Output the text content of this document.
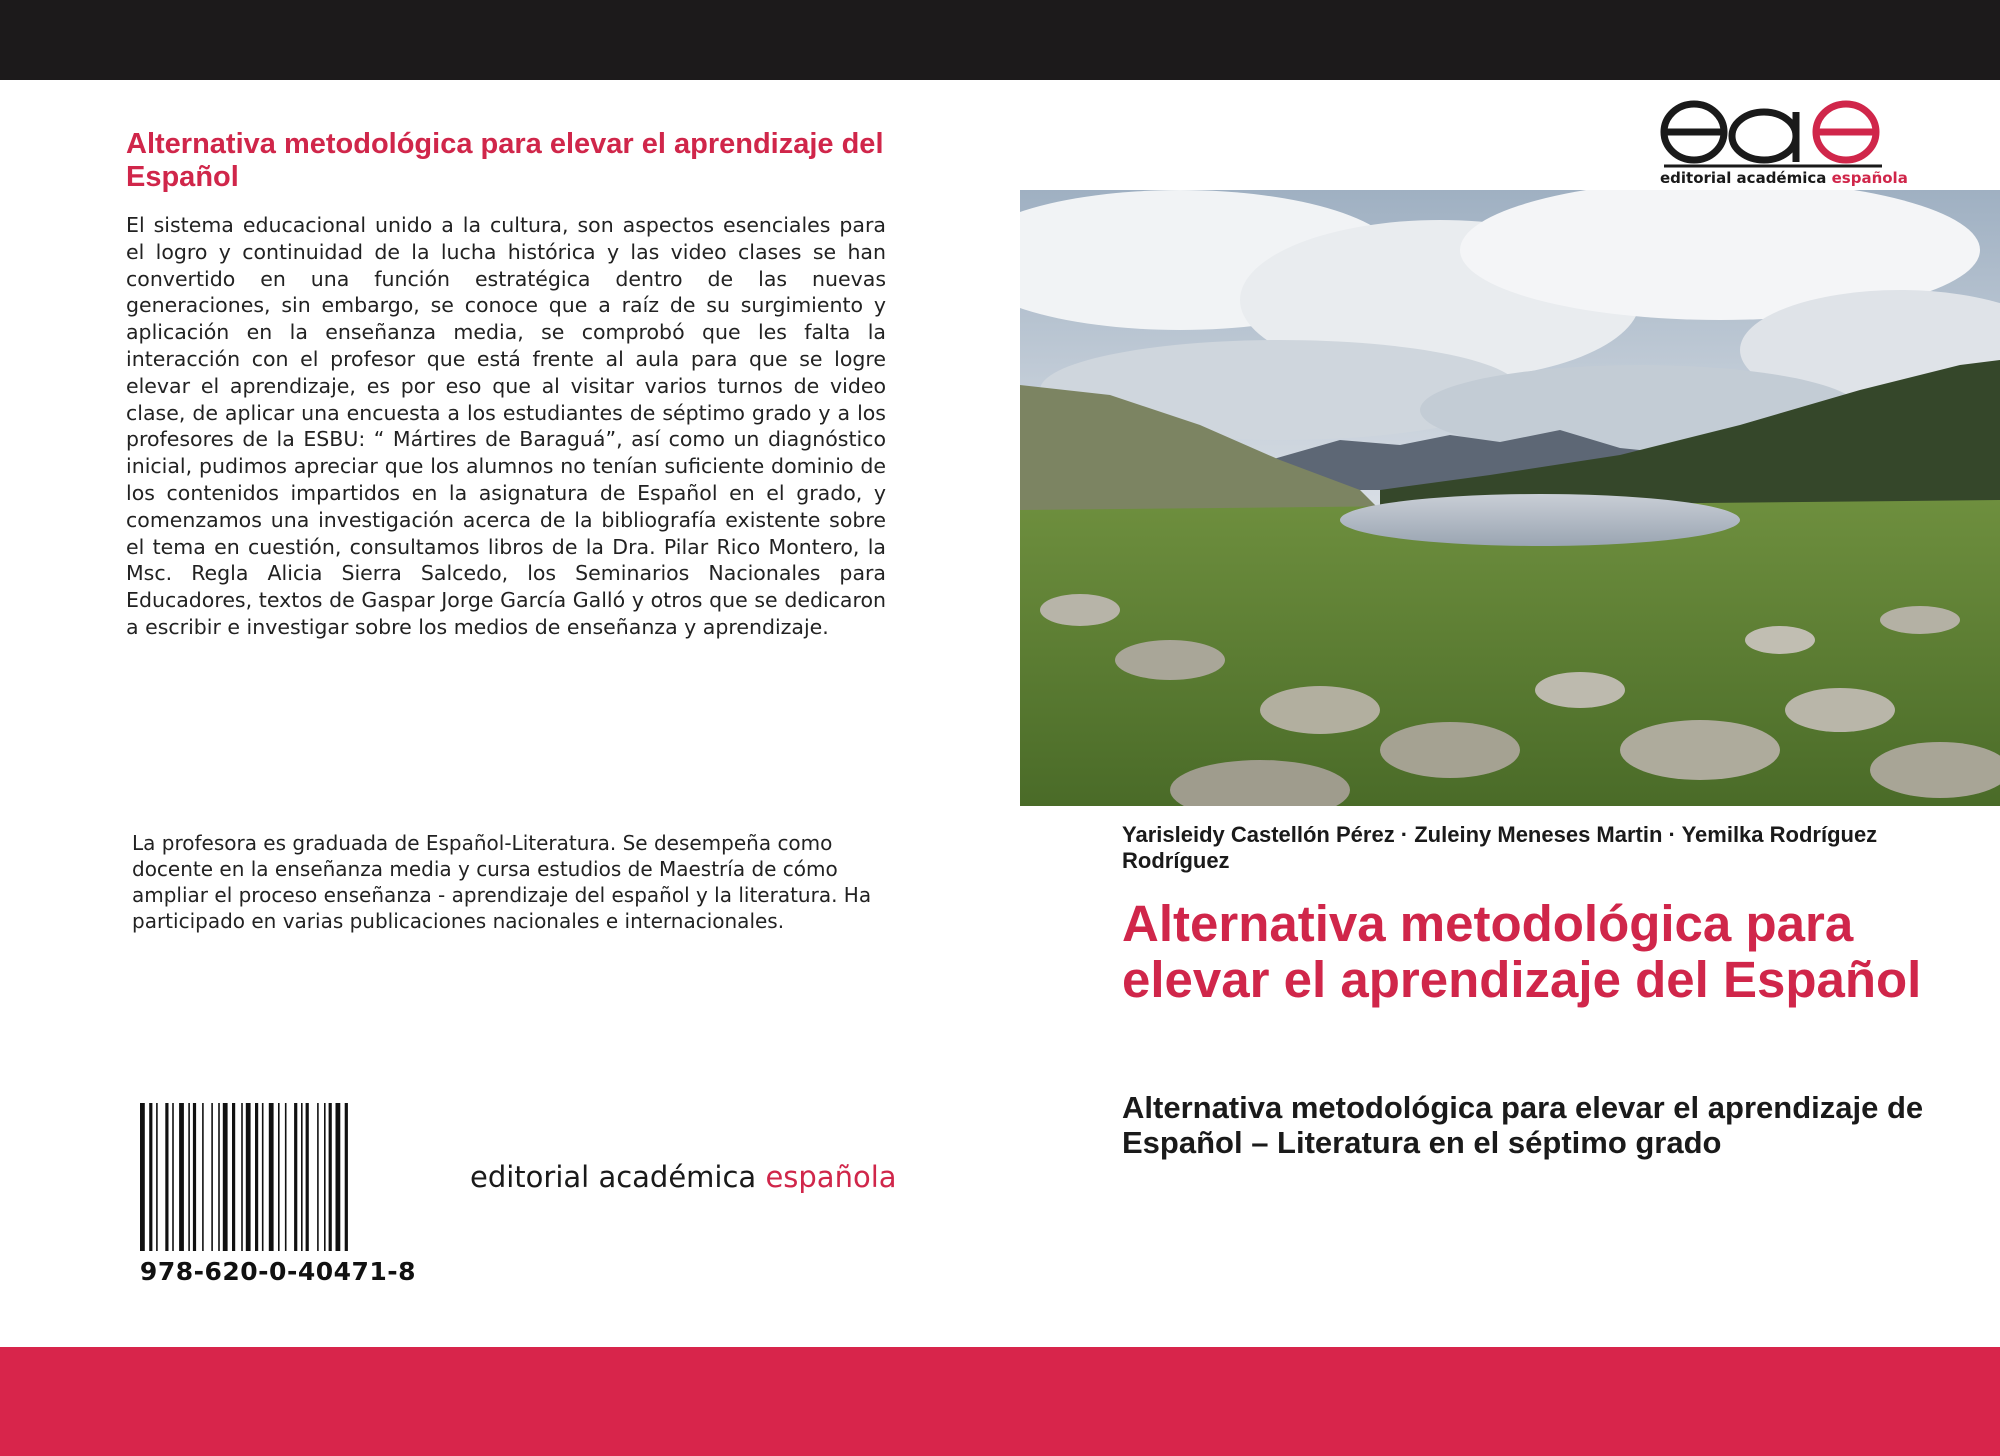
Alternativa metodológica para elevar el aprendizaje del Español

El sistema educacional unido a la cultura, son aspectos esenciales para el logro y continuidad de la lucha histórica y las video clases se han convertido en una función estratégica dentro de las nuevas generaciones, sin embargo, se conoce que a raíz de su surgimiento y aplicación en la enseñanza media, se comprobó que les falta la interacción con el profesor que está frente al aula para que se logre elevar el aprendizaje, es por eso que al visitar varios turnos de video clase, de aplicar una encuesta a los estudiantes de séptimo grado y a los profesores de la ESBU: “ Mártires de Baraguá”, así como un diagnóstico inicial, pudimos apreciar que los alumnos no tenían suficiente dominio de los contenidos impartidos en la asignatura de Español en el grado, y comenzamos una investigación acerca de la bibliografía existente sobre el tema en cuestión, consultamos libros de la Dra. Pilar Rico Montero, la Msc. Regla Alicia Sierra Salcedo, los Seminarios Nacionales para Educadores, textos de Gaspar Jorge García Galló y otros que se dedicaron a escribir e investigar sobre los medios de enseñanza y aprendizaje.

La profesora es graduada de Español-Literatura. Se desempeña como docente en la enseñanza media y cursa estudios de Maestría de cómo ampliar el proceso enseñanza - aprendizaje del español y la literatura. Ha participado en varias publicaciones nacionales e internacionales.

978-620-0-40471-8
editorial académica española
editorial académica española
Yarisleidy Castellón Pérez · Zuleiny Meneses Martin · Yemilka Rodríguez Rodríguez
Alternativa metodológica para elevar el aprendizaje del Español
Alternativa metodológica para elevar el aprendizaje de Español – Literatura en el séptimo grado
